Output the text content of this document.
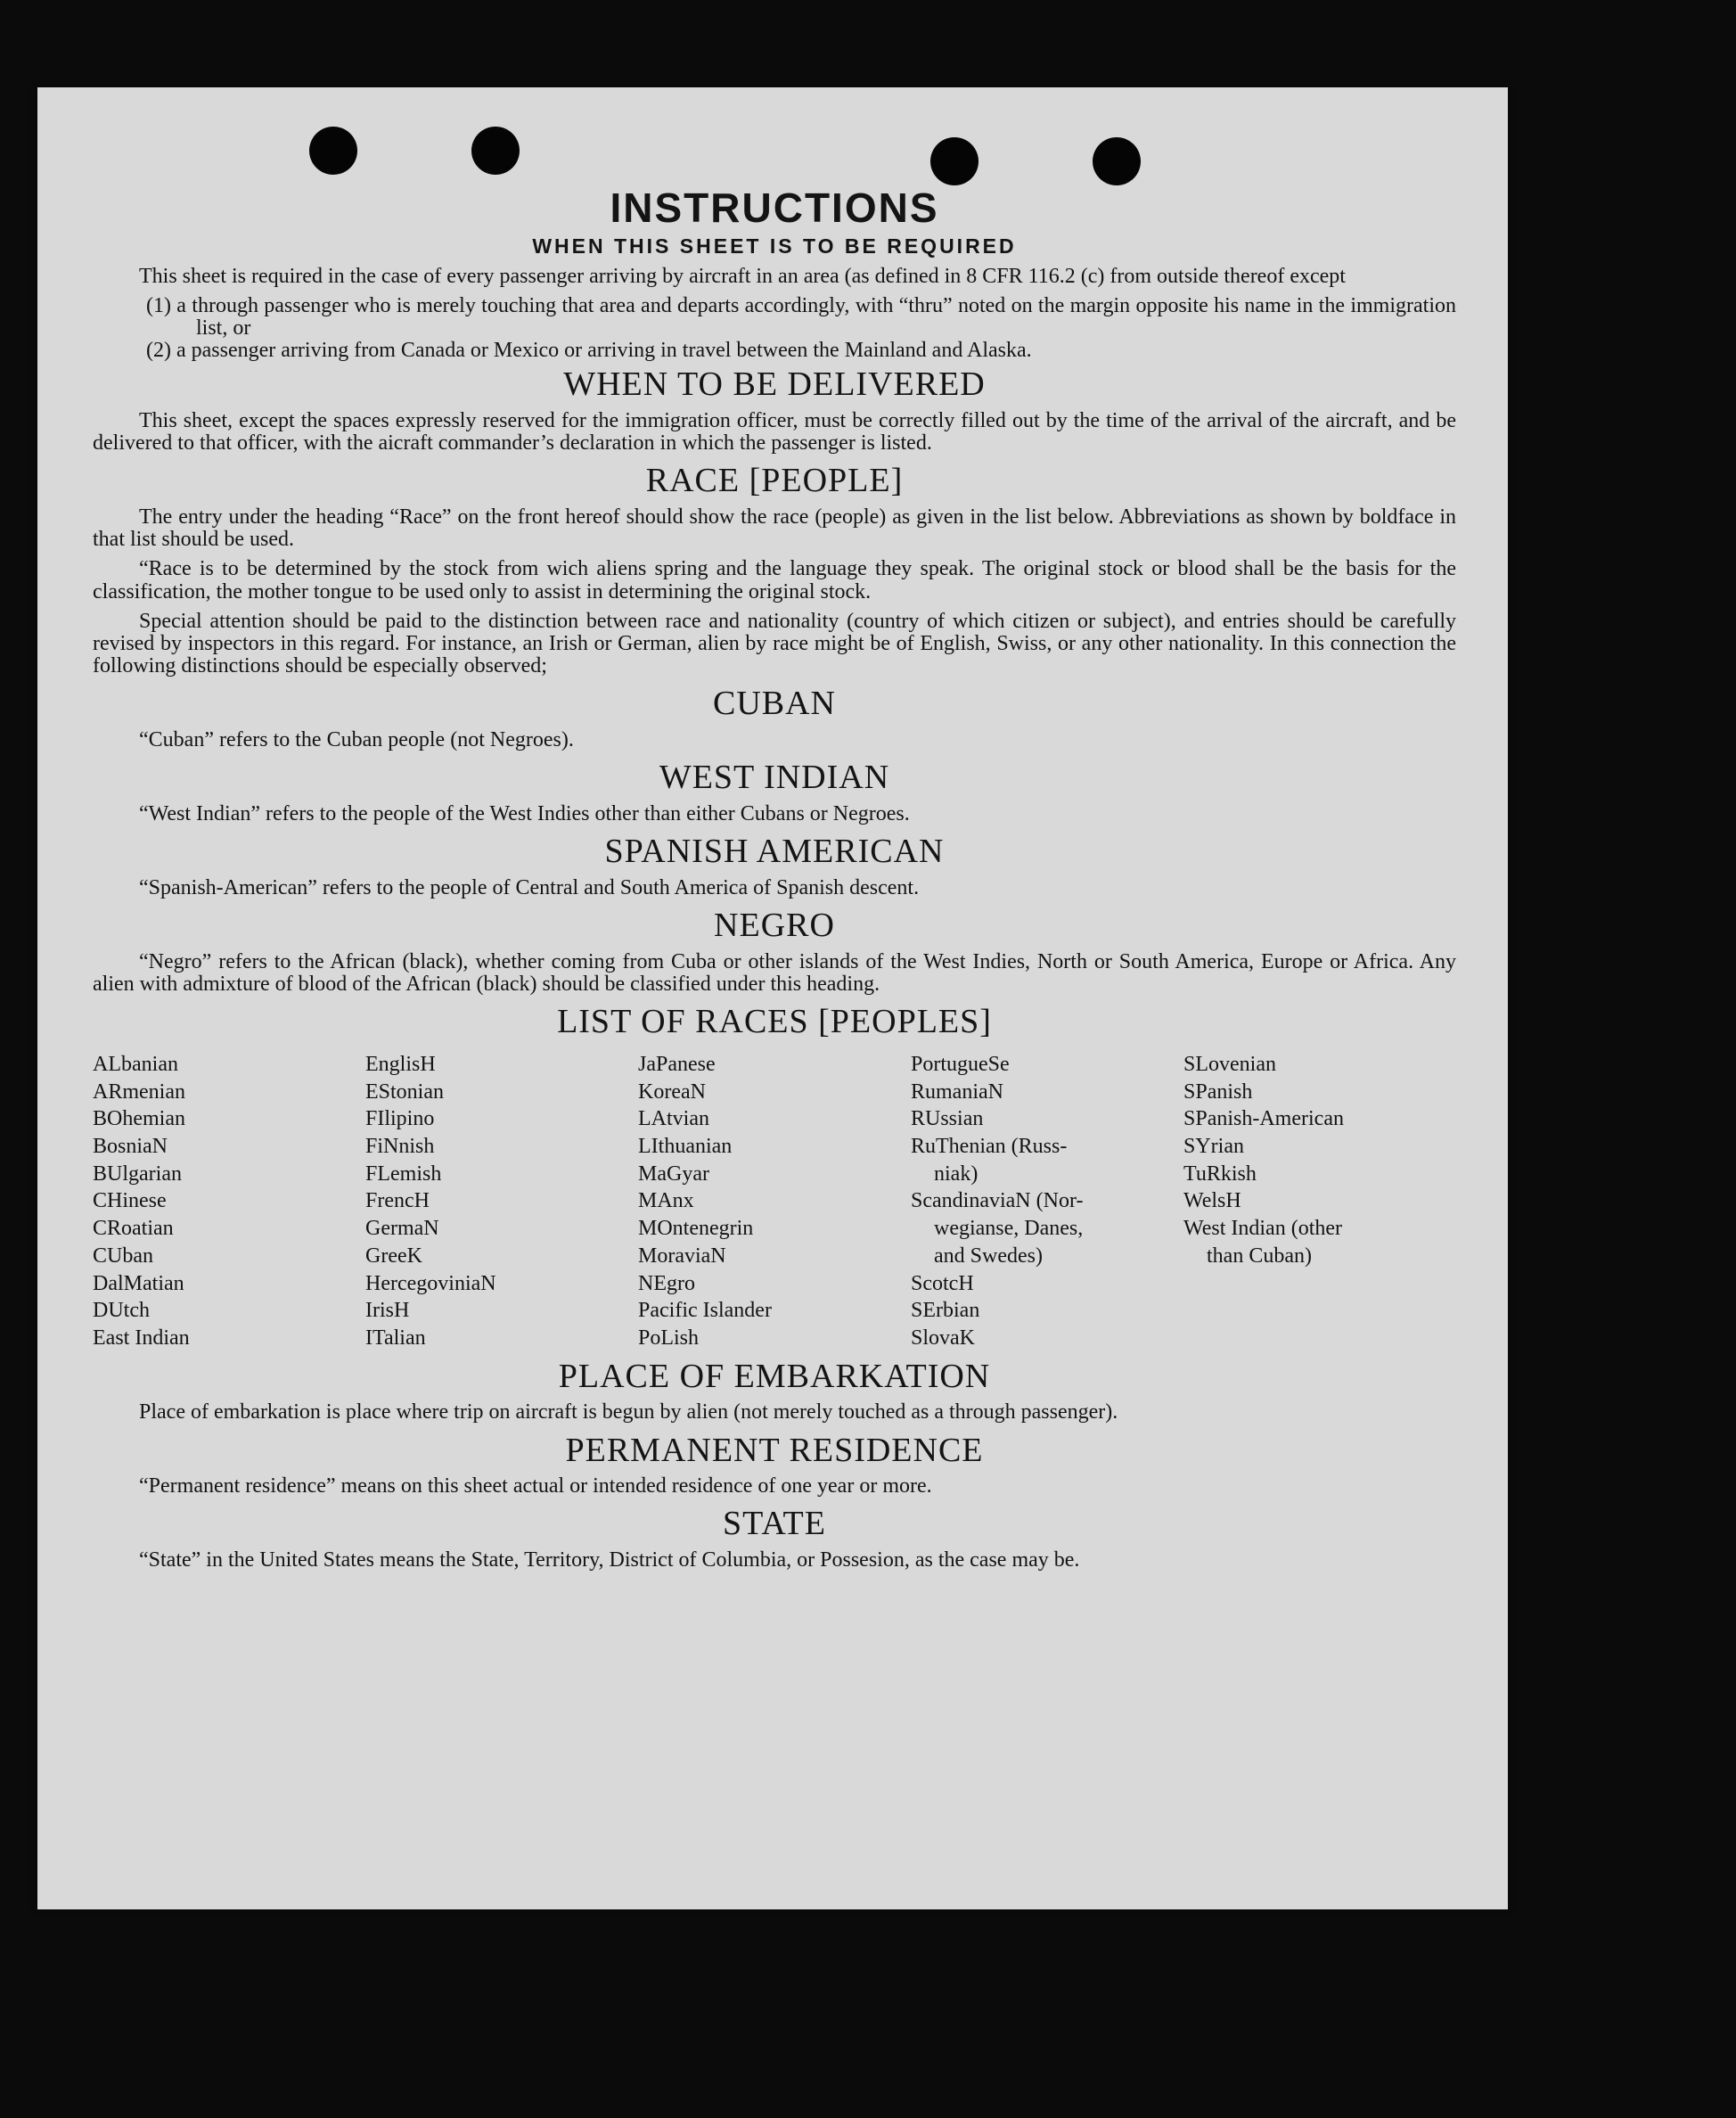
INSTRUCTIONS
WHEN THIS SHEET IS TO BE REQUIRED

This sheet is required in the case of every passenger arriving by aircraft in an area (as defined in 8 CFR 116.2 (c) from outside thereof except

(1) a through passenger who is merely touching that area and departs accordingly, with “thru” noted on the margin opposite his name in the immigration list, or
(2) a passenger arriving from Canada or Mexico or arriving in travel between the Mainland and Alaska.
WHEN TO BE DELIVERED

This sheet, except the spaces expressly reserved for the immigration officer, must be correctly filled out by the time of the arrival of the aircraft, and be delivered to that officer, with the aicraft commander’s declaration in which the passenger is listed.

RACE [PEOPLE]

The entry under the heading “Race” on the front hereof should show the race (people) as given in the list below. Abbreviations as shown by boldface in that list should be used.

“Race is to be determined by the stock from wich aliens spring and the language they speak. The original stock or blood shall be the basis for the classification, the mother tongue to be used only to assist in determining the original stock.

Special attention should be paid to the distinction between race and nationality (country of which citizen or subject), and entries should be carefully revised by inspectors in this regard. For instance, an Irish or German, alien by race might be of English, Swiss, or any other nationality. In this connection the following distinctions should be especially observed;

CUBAN

“Cuban” refers to the Cuban people (not Negroes).

WEST INDIAN

“West Indian” refers to the people of the West Indies other than either Cubans or Negroes.

SPANISH AMERICAN

“Spanish-American” refers to the people of Central and South America of Spanish descent.

NEGRO

“Negro” refers to the African (black), whether coming from Cuba or other islands of the West Indies, North or South America, Europe or Africa. Any alien with admixture of blood of the African (black) should be classified under this heading.

LIST OF RACES [PEOPLES]
ALbanian
ARmenian
BOhemian
BosniaN
BUlgarian
CHinese
CRoatian
CUban
DalMatian
DUtch
East Indian
EnglisH
EStonian
FIlipino
FiNnish
FLemish
FrencH
GermaN
GreeK
HercegoviniaN
IrisH
ITalian
JaPanese
KoreaN
LAtvian
LIthuanian
MaGyar
MAnx
MOntenegrin
MoraviaN
NEgro
Pacific Islander
PoLish
PortugueSe
RumaniaN
RUssian
RuThenian (Russ-
niak)
ScandinaviaN (Nor-
wegianse, Danes,
and Swedes)
ScotcH
SErbian
SlovaK
SLovenian
SPanish
SPanish-American
SYrian
TuRkish
WelsH
West Indian (other
than Cuban)
PLACE OF EMBARKATION

Place of embarkation is place where trip on aircraft is begun by alien (not merely touched as a through passenger).

PERMANENT RESIDENCE

“Permanent residence” means on this sheet actual or intended residence of one year or more.

STATE

“State” in the United States means the State, Territory, District of Columbia, or Possesion, as the case may be.
